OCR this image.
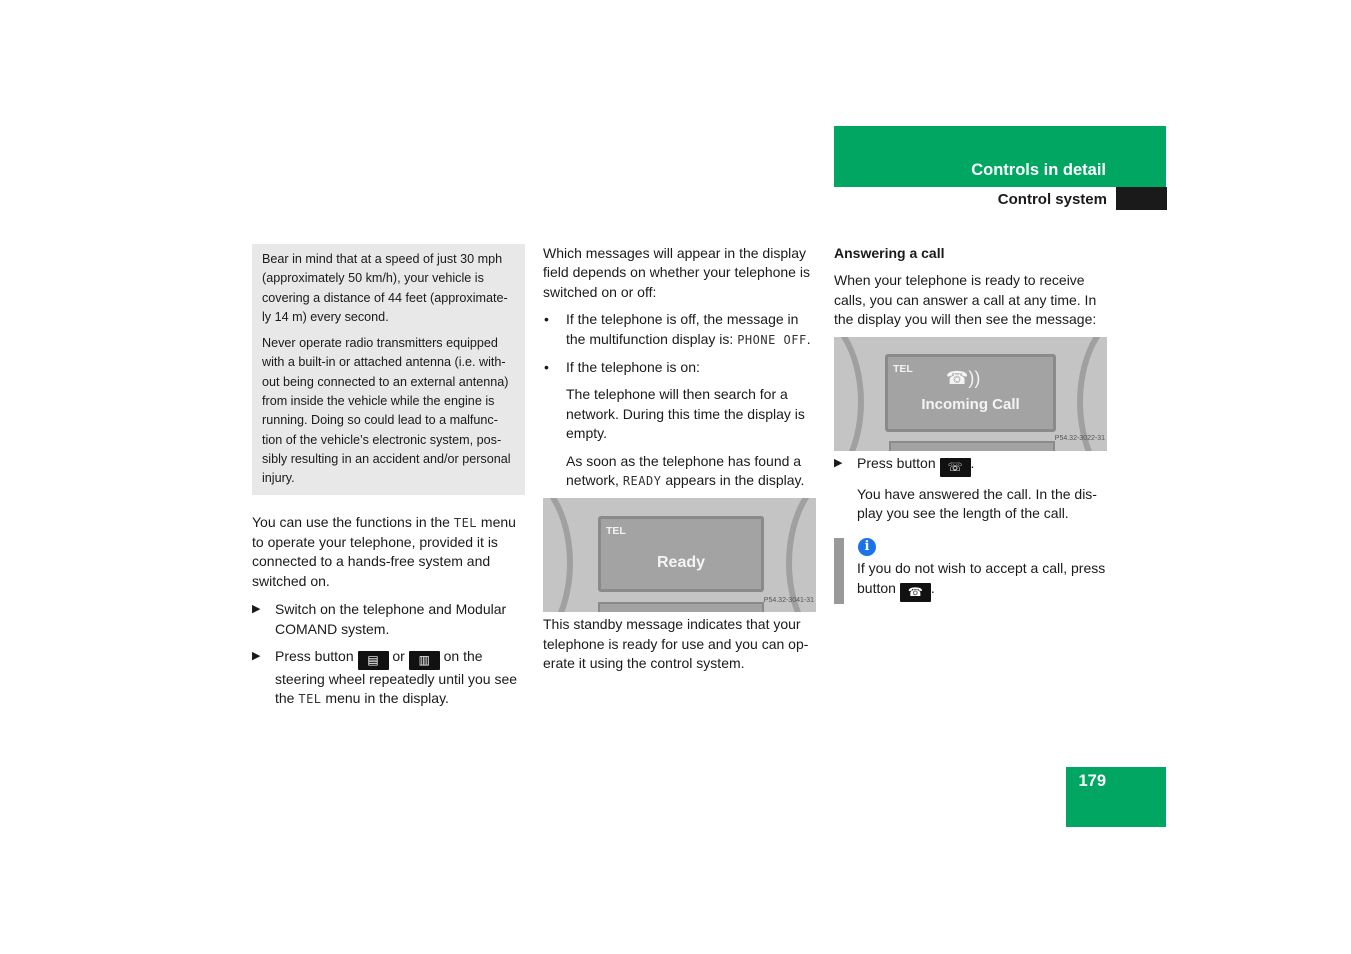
Controls in detail
Control system

Bear in mind that at a speed of just 30 mph (approximately 50 km/h), your vehicle is covering a distance of 44 feet (approximate-ly 14 m) every second.

Never operate radio transmitters equipped with a built-in or attached antenna (i.e. with-out being connected to an external antenna) from inside the vehicle while the engine is running. Doing so could lead to a malfunc-tion of the vehicle’s electronic system, pos-sibly resulting in an accident and/or personal injury.

You can use the functions in the TEL menu to operate your telephone, provided it is connected to a hands-free system and switched on.

▶ Switch on the telephone and Modular COMAND system.
▶ Press button ▤ or ▥ on the steering wheel repeatedly until you see the TEL menu in the display.

Which messages will appear in the display field depends on whether your telephone is switched on or off:

• If the telephone is off, the message in the multifunction display is: PHONE OFF.
• If the telephone is on:

The telephone will then search for a network. During this time the display is empty.

As soon as the telephone has found a network, READY appears in the display.

TEL
Ready
P54.32-3041-31

This standby message indicates that your telephone is ready for use and you can op-erate it using the control system.

Answering a call

When your telephone is ready to receive calls, you can answer a call at any time. In the display you will then see the message:

TEL ☎))
Incoming Call
P54.32-3022-31
▶ Press button ☏ .

You have answered the call. In the dis-play you see the length of the call.

i

If you do not wish to accept a call, press button ☎ .

179
